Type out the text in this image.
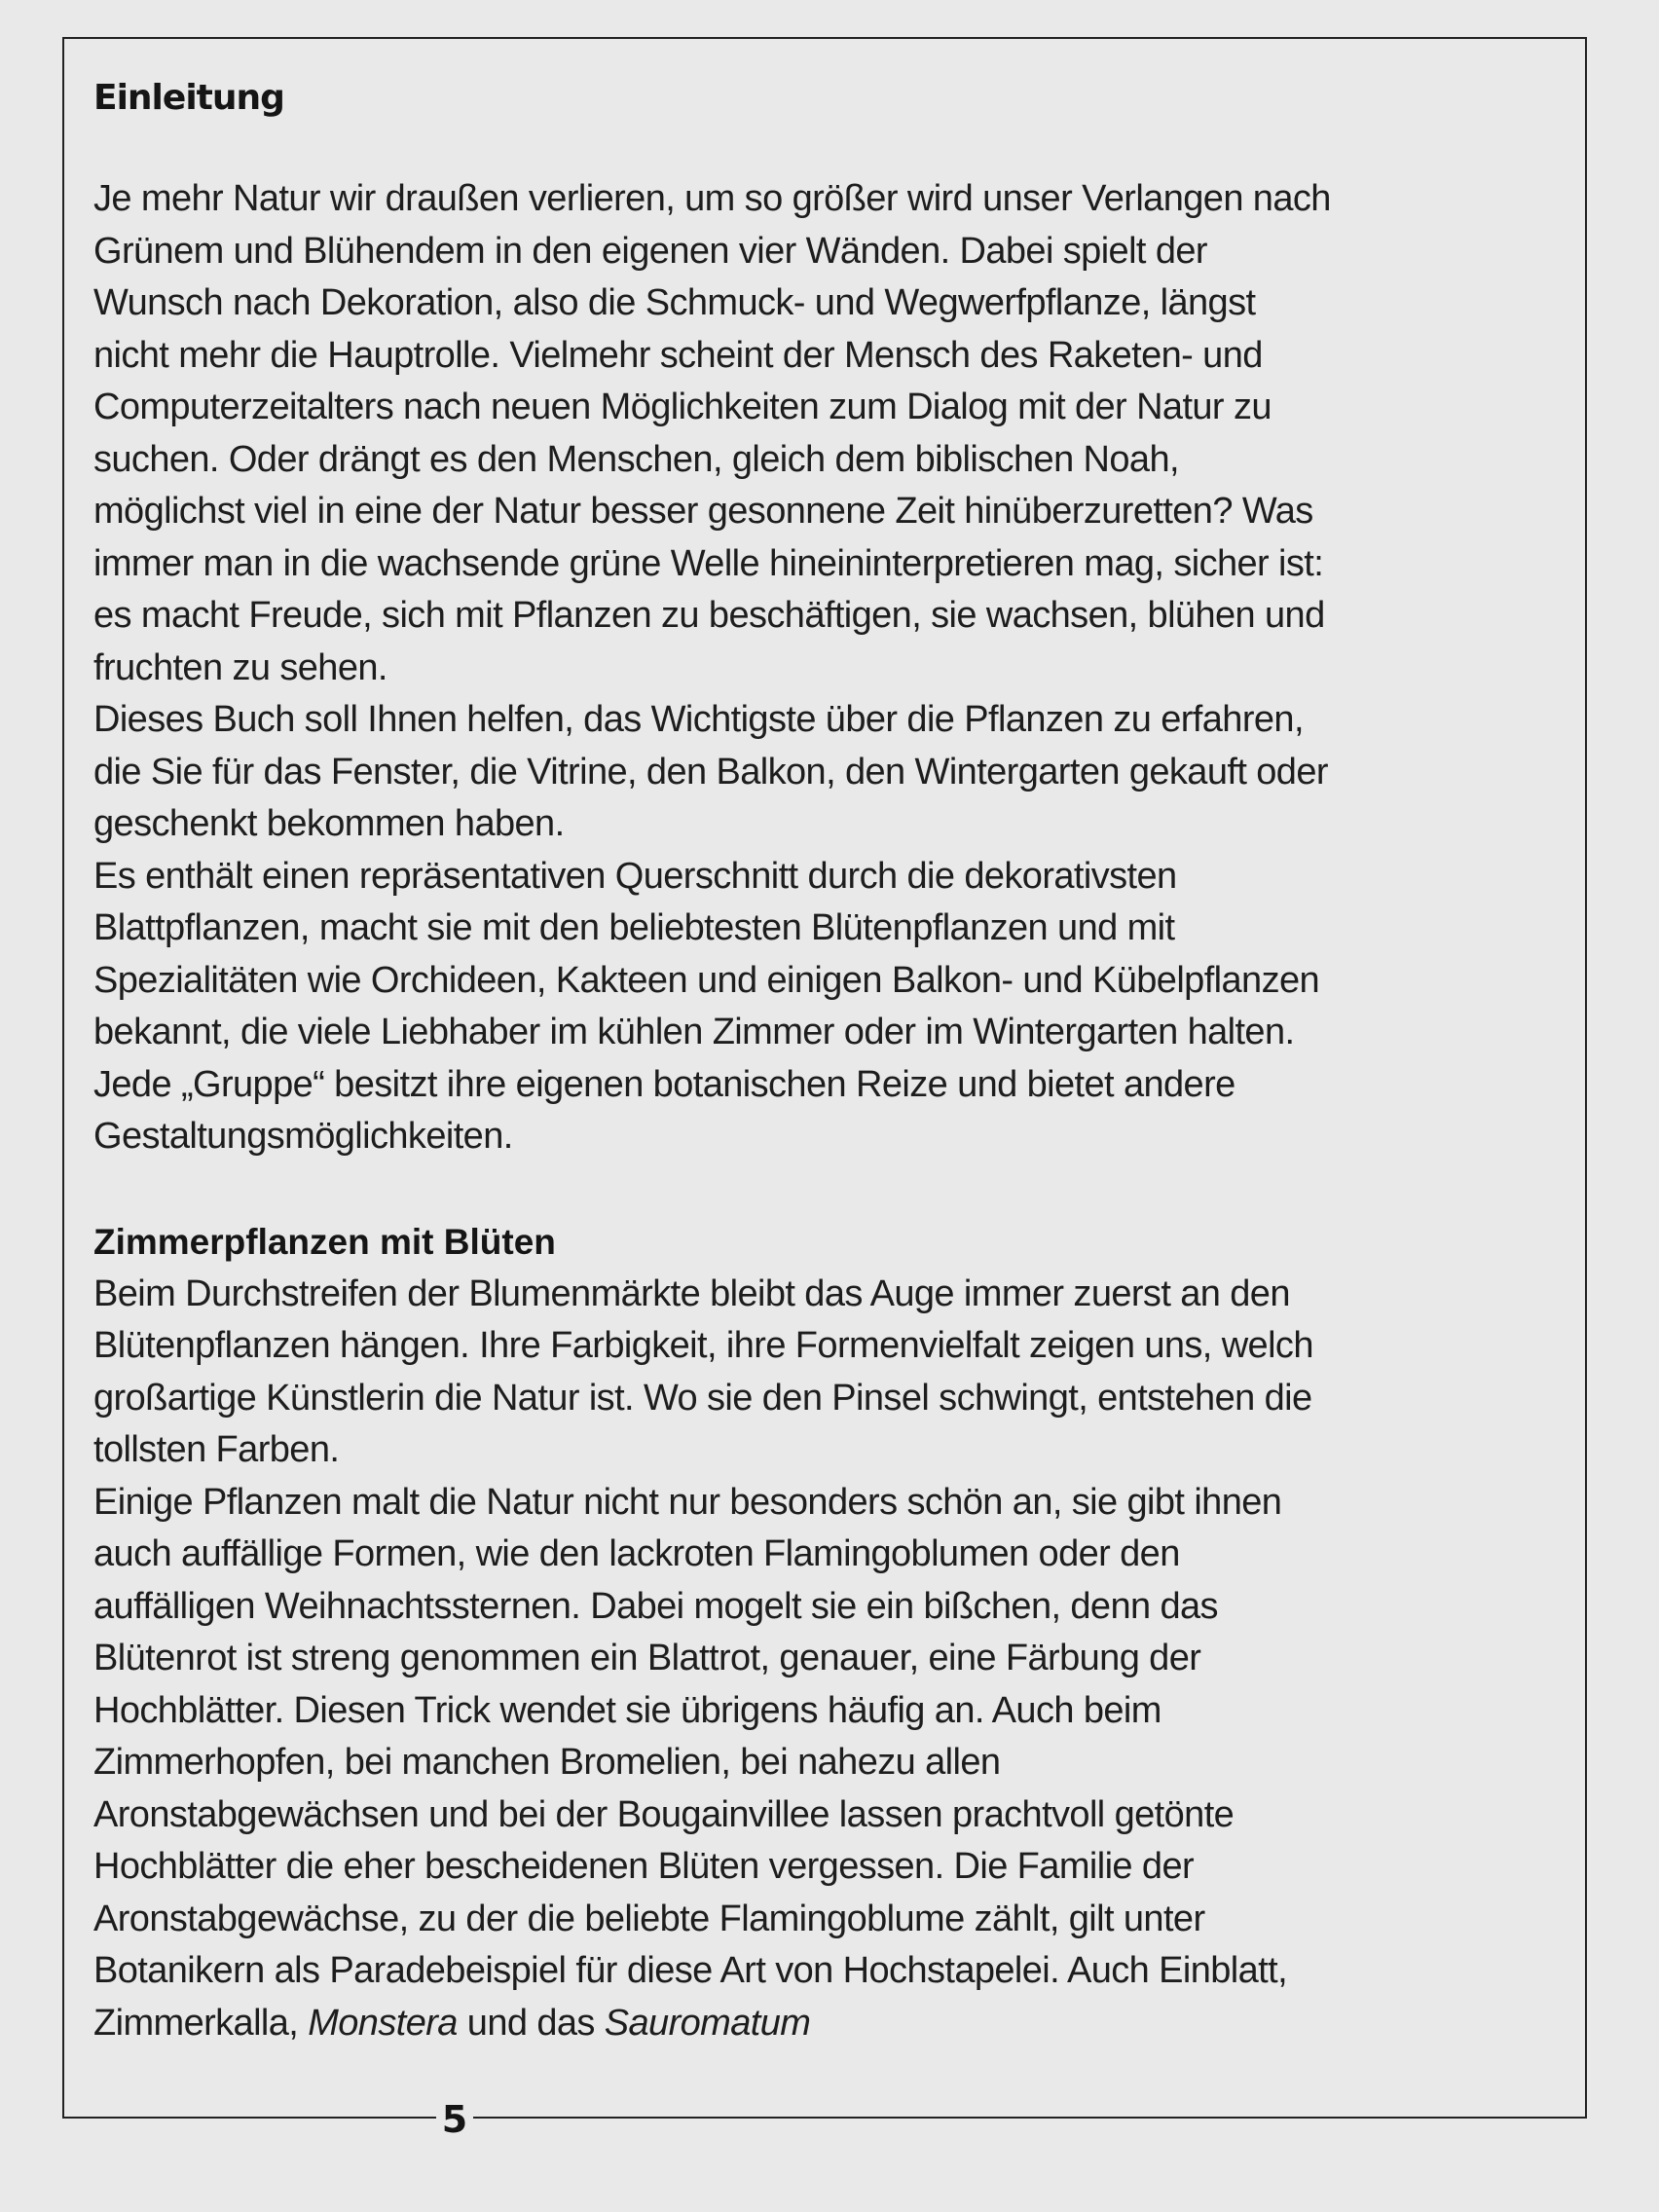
Einleitung
Je mehr Natur wir draußen verlieren, um so größer wird unser Verlangen nach
Grünem und Blühendem in den eigenen vier Wänden. Dabei spielt der
Wunsch nach Dekoration, also die Schmuck- und Wegwerfpflanze, längst
nicht mehr die Hauptrolle. Vielmehr scheint der Mensch des Raketen- und
Computerzeitalters nach neuen Möglichkeiten zum Dialog mit der Natur zu
suchen. Oder drängt es den Menschen, gleich dem biblischen Noah,
möglichst viel in eine der Natur besser gesonnene Zeit hinüberzuretten? Was
immer man in die wachsende grüne Welle hineininterpretieren mag, sicher ist:
es macht Freude, sich mit Pflanzen zu beschäftigen, sie wachsen, blühen und
fruchten zu sehen.
Dieses Buch soll Ihnen helfen, das Wichtigste über die Pflanzen zu erfahren,
die Sie für das Fenster, die Vitrine, den Balkon, den Wintergarten gekauft oder
geschenkt bekommen haben.
Es enthält einen repräsentativen Querschnitt durch die dekorativsten
Blattpflanzen, macht sie mit den beliebtesten Blütenpflanzen und mit
Spezialitäten wie Orchideen, Kakteen und einigen Balkon- und Kübelpflanzen
bekannt, die viele Liebhaber im kühlen Zimmer oder im Wintergarten halten.
Jede „Gruppe“ besitzt ihre eigenen botanischen Reize und bietet andere
Gestaltungsmöglichkeiten.
Zimmerpflanzen mit Blüten
Beim Durchstreifen der Blumenmärkte bleibt das Auge immer zuerst an den
Blütenpflanzen hängen. Ihre Farbigkeit, ihre Formenvielfalt zeigen uns, welch
großartige Künstlerin die Natur ist. Wo sie den Pinsel schwingt, entstehen die
tollsten Farben.
Einige Pflanzen malt die Natur nicht nur besonders schön an, sie gibt ihnen
auch auffällige Formen, wie den lackroten Flamingoblumen oder den
auffälligen Weihnachtssternen. Dabei mogelt sie ein bißchen, denn das
Blütenrot ist streng genommen ein Blattrot, genauer, eine Färbung der
Hochblätter. Diesen Trick wendet sie übrigens häufig an. Auch beim
Zimmerhopfen, bei manchen Bromelien, bei nahezu allen
Aronstabgewächsen und bei der Bougainvillee lassen prachtvoll getönte
Hochblätter die eher bescheidenen Blüten vergessen. Die Familie der
Aronstabgewächse, zu der die beliebte Flamingoblume zählt, gilt unter
Botanikern als Paradebeispiel für diese Art von Hochstapelei. Auch Einblatt,
Zimmerkalla, Monstera und das Sauromatum
5
